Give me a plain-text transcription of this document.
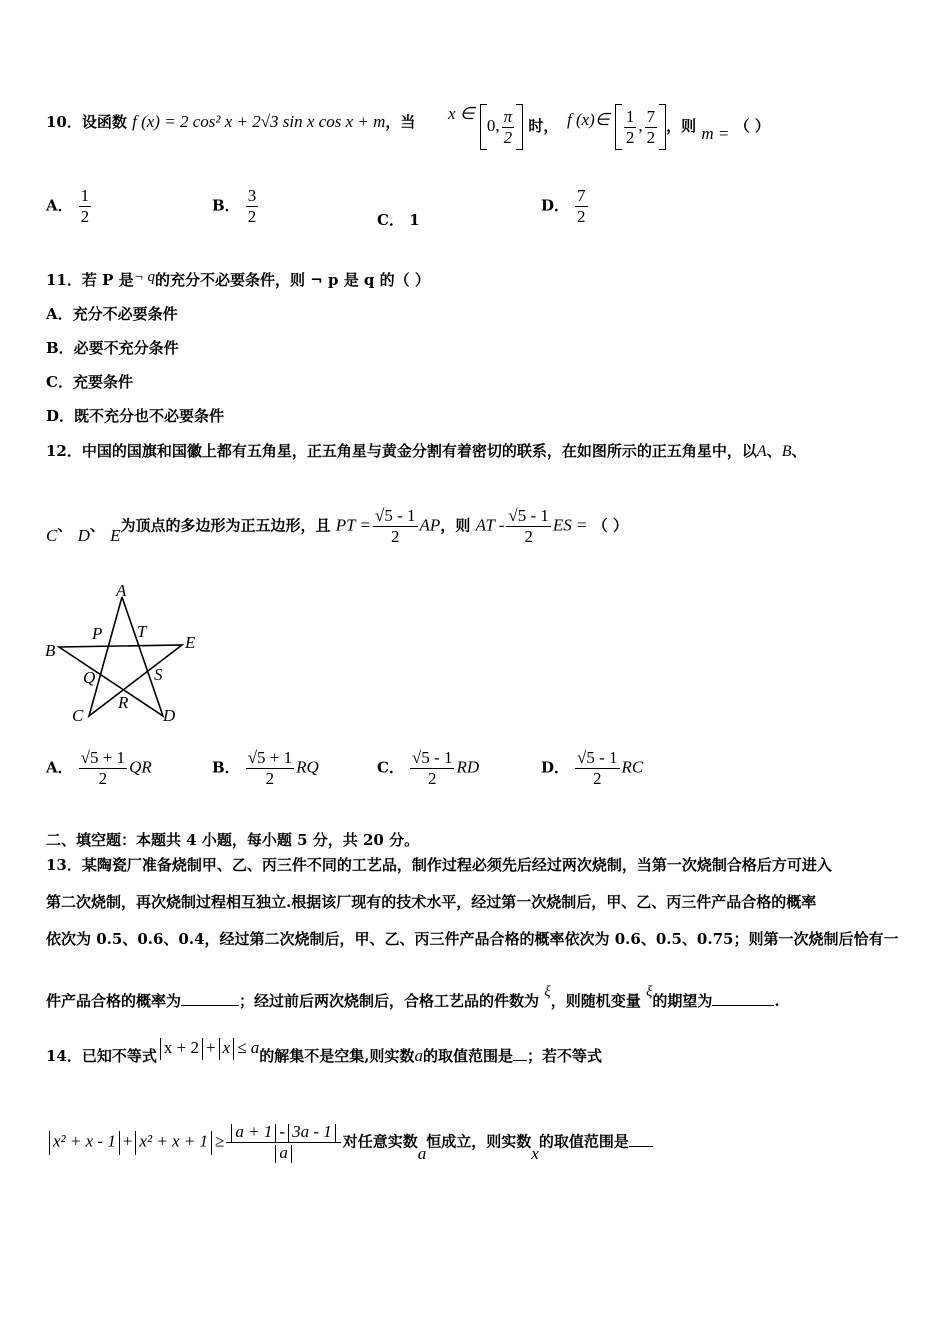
10．设函数 f (x) = 2 cos² x + 2√3 sin x cos x + m，当 x ∈ 0, $\frac{\pi}{2}$ 时， f (x)∈ $\frac{1}{2}$ , $\frac{7}{2}$ ，则 m = （ ）
A． $\frac{1}{2}$	B． $\frac{3}{2}$	C． 1
D． $\frac{7}{2}$
11．若 P 是¬ q的充分不必要条件，则 ¬ p 是 q 的（ ）
A．充分不必要条件
B．必要不充分条件
C．充要条件
D．既不充分也不必要条件
12．中国的国旗和国徽上都有五角星，正五角星与黄金分割有着密切的联系，在如图所示的正五角星中，以A、B、
C、 D、 E为顶点的多边形为正五边形，且 PT = $\frac{√5 - 1}{2}$ AP，则 AT - $\frac{√5 - 1}{2}$ ES = （ ）
A
B	E
P T
Q	S
R
C	D
A． $\frac{√5 + 1}{2}$ QR	B． $\frac{√5 + 1}{2}$ RQ	C． $\frac{√5 - 1}{2}$ RD	D． $\frac{√5 - 1}{2}$ RC
二、填空题：本题共 4 小题，每小题 5 分，共 20 分。
13．某陶瓷厂准备烧制甲、乙、丙三件不同的工艺品，制作过程必须先后经过两次烧制，当第一次烧制合格后方可进入
第二次烧制，再次烧制过程相互独立.根据该厂现有的技术水平，经过第一次烧制后，甲、乙、丙三件产品合格的概率
依次为 0.5、0.6、0.4，经过第二次烧制后，甲、乙、丙三件产品合格的概率依次为 0.6、0.5、0.75；则第一次烧制后恰有一
件产品合格的概率为	；经过前后两次烧制后，合格工艺品的件数为 ξ，则随机变量 ξ的期望为	.
14．已知不等式 x + 2 + x ≤ a的解集不是空集,则实数a的取值范围是 ；若不等式
$x^2 + x - 1 + x^2 + x + 1 \ge \frac{a + 1 - 3a - 1}{a}$ 对任意实数a恒成立，则实数x的取值范围是
